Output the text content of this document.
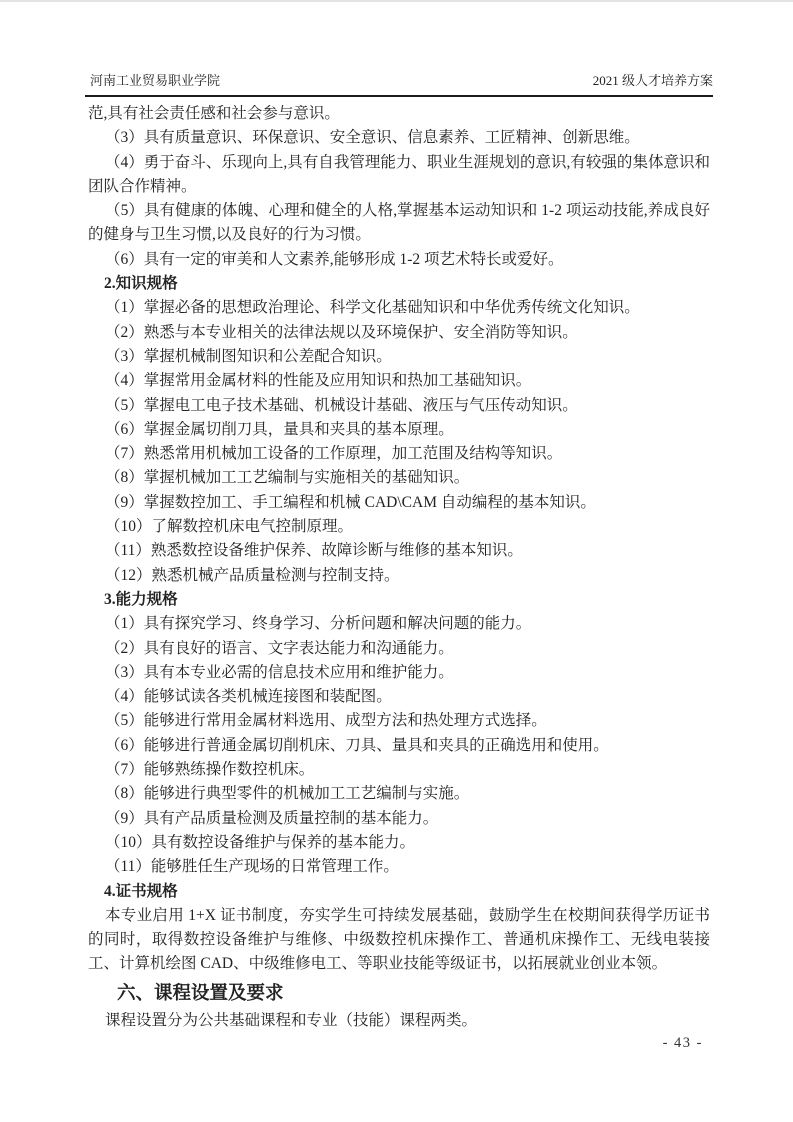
河南工业贸易职业学院	2021 级人才培养方案
范,具有社会责任感和社会参与意识。
（3）具有质量意识、环保意识、安全意识、信息素养、工匠精神、创新思维。
（4）勇于奋斗、乐现向上,具有自我管理能力、职业生涯规划的意识,有较强的集体意识和团队合作精神。
（5）具有健康的体魄、心理和健全的人格,掌握基本运动知识和 1-2 项运动技能,养成良好的健身与卫生习惯,以及良好的行为习惯。
（6）具有一定的审美和人文素养,能够形成 1-2 项艺术特长或爱好。
2.知识规格
（1）掌握必备的思想政治理论、科学文化基础知识和中华优秀传统文化知识。
（2）熟悉与本专业相关的法律法规以及环境保护、安全消防等知识。
（3）掌握机械制图知识和公差配合知识。
（4）掌握常用金属材料的性能及应用知识和热加工基础知识。
（5）掌握电工电子技术基础、机械设计基础、液压与气压传动知识。
（6）掌握金属切削刀具，量具和夹具的基本原理。
（7）熟悉常用机械加工设备的工作原理，加工范围及结构等知识。
（8）掌握机械加工工艺编制与实施相关的基础知识。
（9）掌握数控加工、手工编程和机械 CAD\CAM 自动编程的基本知识。
（10）了解数控机床电气控制原理。
（11）熟悉数控设备维护保养、故障诊断与维修的基本知识。
（12）熟悉机械产品质量检测与控制支持。
3.能力规格
（1）具有探究学习、终身学习、分析问题和解决问题的能力。
（2）具有良好的语言、文字表达能力和沟通能力。
（3）具有本专业必需的信息技术应用和维护能力。
（4）能够试读各类机械连接图和装配图。
（5）能够进行常用金属材料选用、成型方法和热处理方式选择。
（6）能够进行普通金属切削机床、刀具、量具和夹具的正确选用和使用。
（7）能够熟练操作数控机床。
（8）能够进行典型零件的机械加工工艺编制与实施。
（9）具有产品质量检测及质量控制的基本能力。
（10）具有数控设备维护与保养的基本能力。
（11）能够胜任生产现场的日常管理工作。
4.证书规格
本专业启用 1+X 证书制度，夯实学生可持续发展基础，鼓励学生在校期间获得学历证书的同时，取得数控设备维护与维修、中级数控机床操作工、普通机床操作工、无线电装接工、计算机绘图 CAD、中级维修电工、等职业技能等级证书，以拓展就业创业本领。
六、课程设置及要求
课程设置分为公共基础课程和专业（技能）课程两类。
- 43 -
